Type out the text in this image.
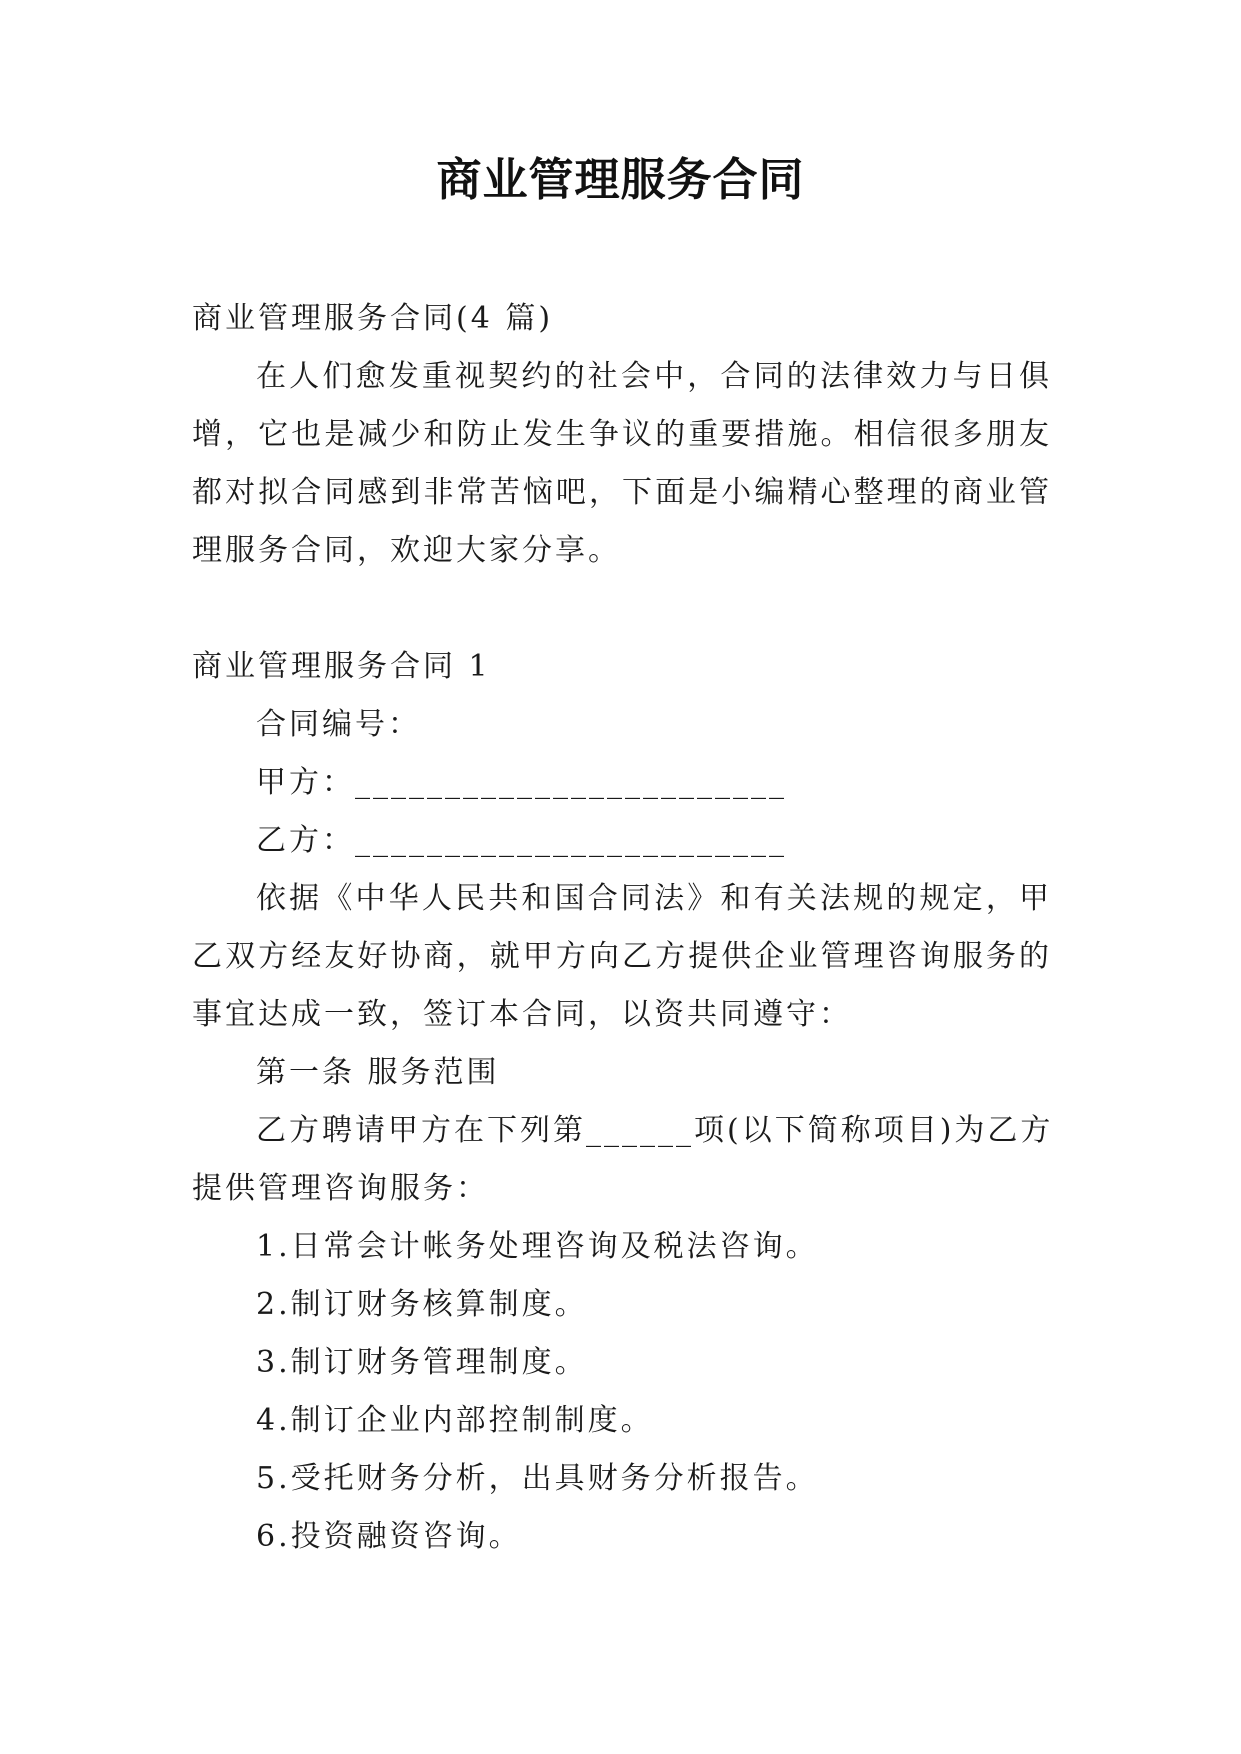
商业管理服务合同
商业管理服务合同(4 篇)
在人们愈发重视契约的社会中，合同的法律效力与日俱
增，它也是减少和防止发生争议的重要措施。相信很多朋友
都对拟合同感到非常苦恼吧，下面是小编精心整理的商业管
理服务合同，欢迎大家分享。
商业管理服务合同 1
合同编号：
甲方：________________________
乙方：________________________
依据《中华人民共和国合同法》和有关法规的规定，甲
乙双方经友好协商，就甲方向乙方提供企业管理咨询服务的
事宜达成一致，签订本合同，以资共同遵守：
第一条 服务范围
乙方聘请甲方在下列第______项(以下简称项目)为乙方
提供管理咨询服务：
1.日常会计帐务处理咨询及税法咨询。
2.制订财务核算制度。
3.制订财务管理制度。
4.制订企业内部控制制度。
5.受托财务分析，出具财务分析报告。
6.投资融资咨询。
